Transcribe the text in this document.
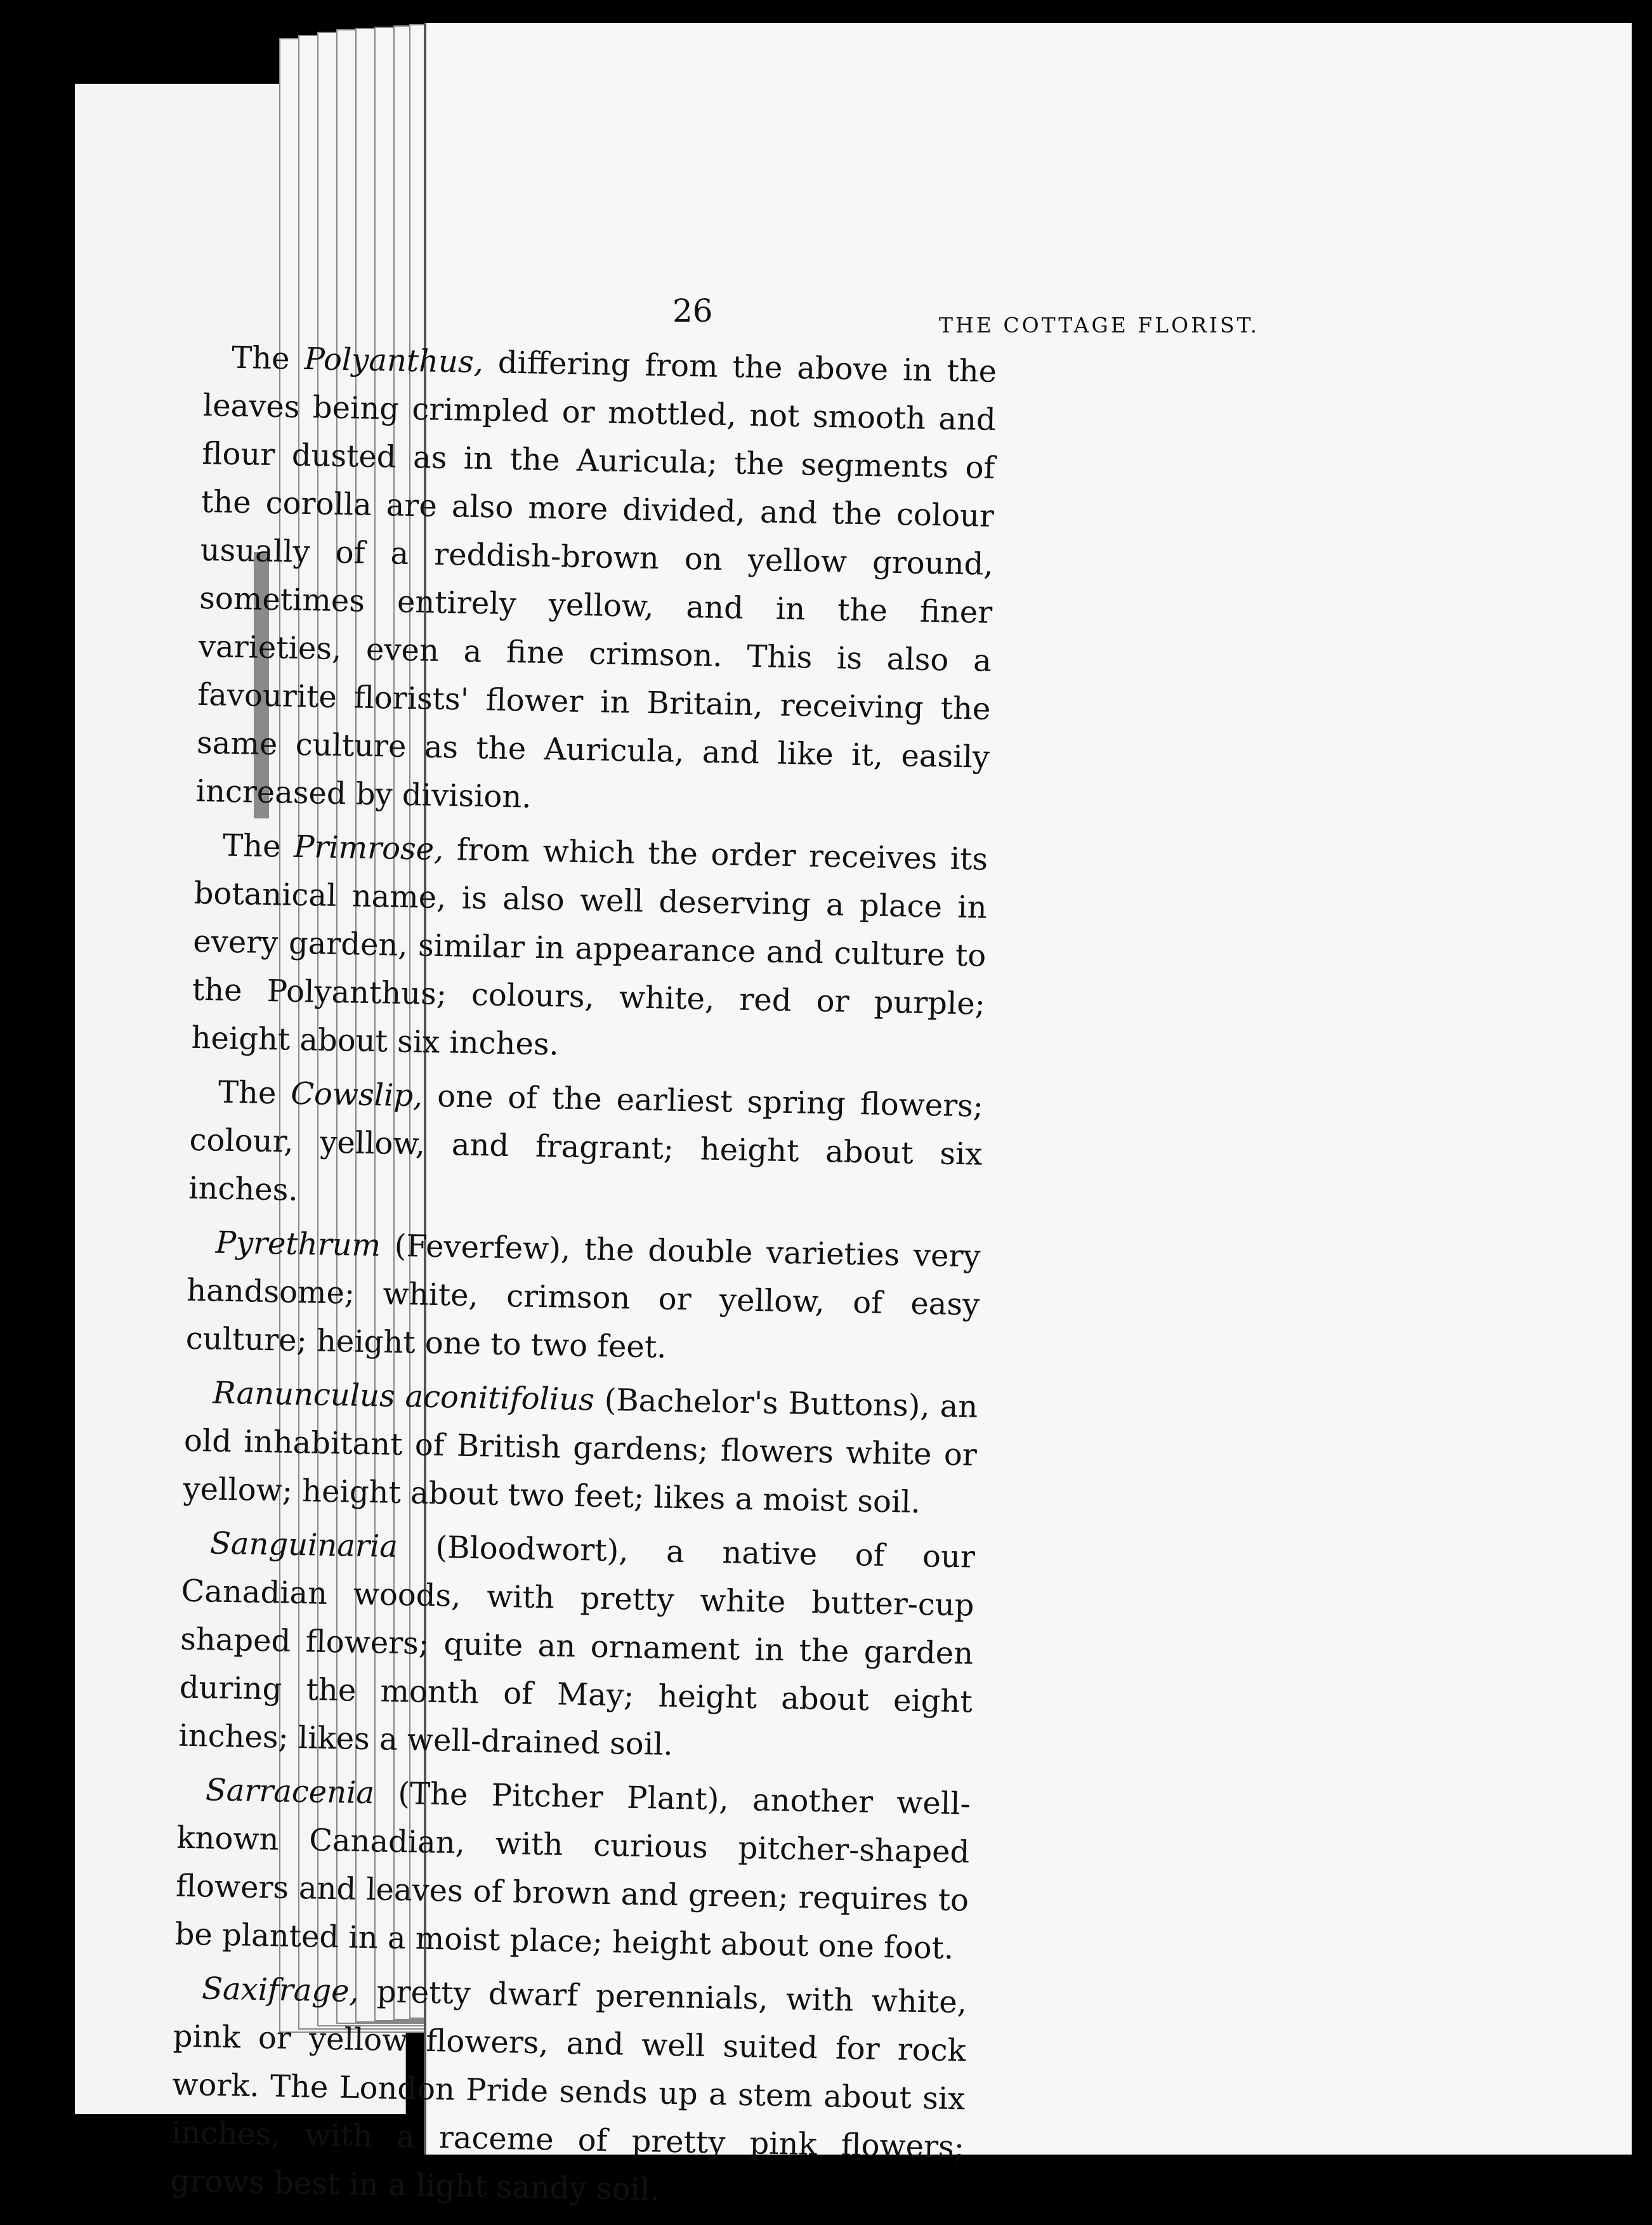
26	THE COTTAGE FLORIST.

The Polyanthus, differing from the above in the leaves being crimpled or mottled, not smooth and flour dusted as in the Auricula; the segments of the corolla are also more divided, and the colour usually of a reddish-brown on yellow ground, sometimes entirely yellow, and in the finer varieties, even a fine crimson. This is also a favourite florists' flower in Britain, receiving the same culture as the Auricula, and like it, easily increased by division.

The Primrose, from which the order receives its botanical name, is also well deserving a place in every garden, similar in appearance and culture to the Polyanthus; colours, white, red or purple; height about six inches.

The Cowslip, one of the earliest spring flowers; colour, yellow, and fragrant; height about six inches.

Pyrethrum (Feverfew), the double varieties very handsome; white, crimson or yellow, of easy culture; height one to two feet.

Ranunculus aconitifolius (Bachelor's Buttons), an old inhabitant of British gardens; flowers white or yellow; height about two feet; likes a moist soil.

Sanguinaria (Bloodwort), a native of our Canadian woods, with pretty white butter-cup shaped flowers; quite an ornament in the garden during the month of May; height about eight inches; likes a well-drained soil.

Sarracenia (The Pitcher Plant), another well-known Canadian, with curious pitcher-shaped flowers and leaves of brown and green; requires to be planted in a moist place; height about one foot.

Saxifrage, pretty dwarf perennials, with white, pink or yellow flowers, and well suited for rock work. The London Pride sends up a stem about six inches, with a raceme of pretty pink flowers; grows best in a light sandy soil.
